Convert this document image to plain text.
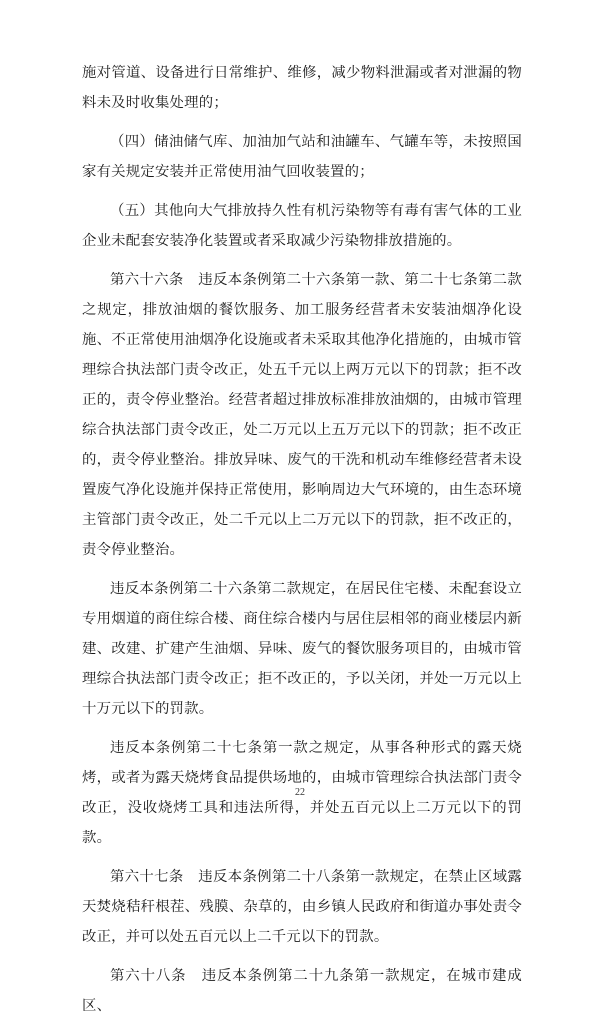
施对管道、设备进行日常维护、维修，减少物料泄漏或者对泄漏的物料未及时收集处理的；

（四）储油储气库、加油加气站和油罐车、气罐车等，未按照国家有关规定安装并正常使用油气回收装置的；

（五）其他向大气排放持久性有机污染物等有毒有害气体的工业企业未配套安装净化装置或者采取减少污染物排放措施的。

第六十六条　违反本条例第二十六条第一款、第二十七条第二款之规定，排放油烟的餐饮服务、加工服务经营者未安装油烟净化设施、不正常使用油烟净化设施或者未采取其他净化措施的，由城市管理综合执法部门责令改正，处五千元以上两万元以下的罚款；拒不改正的，责令停业整治。经营者超过排放标准排放油烟的，由城市管理综合执法部门责令改正，处二万元以上五万元以下的罚款；拒不改正的，责令停业整治。排放异味、废气的干洗和机动车维修经营者未设置废气净化设施并保持正常使用，影响周边大气环境的，由生态环境主管部门责令改正，处二千元以上二万元以下的罚款，拒不改正的，责令停业整治。

违反本条例第二十六条第二款规定，在居民住宅楼、未配套设立专用烟道的商住综合楼、商住综合楼内与居住层相邻的商业楼层内新建、改建、扩建产生油烟、异味、废气的餐饮服务项目的，由城市管理综合执法部门责令改正；拒不改正的，予以关闭，并处一万元以上十万元以下的罚款。

违反本条例第二十七条第一款之规定，从事各种形式的露天烧烤，或者为露天烧烤食品提供场地的，由城市管理综合执法部门责令改正，没收烧烤工具和违法所得，并处五百元以上二万元以下的罚款。

第六十七条　违反本条例第二十八条第一款规定，在禁止区域露天焚烧秸秆根茬、残膜、杂草的，由乡镇人民政府和街道办事处责令改正，并可以处五百元以上二千元以下的罚款。

第六十八条　违反本条例第二十九条第一款规定，在城市建成区、

22
